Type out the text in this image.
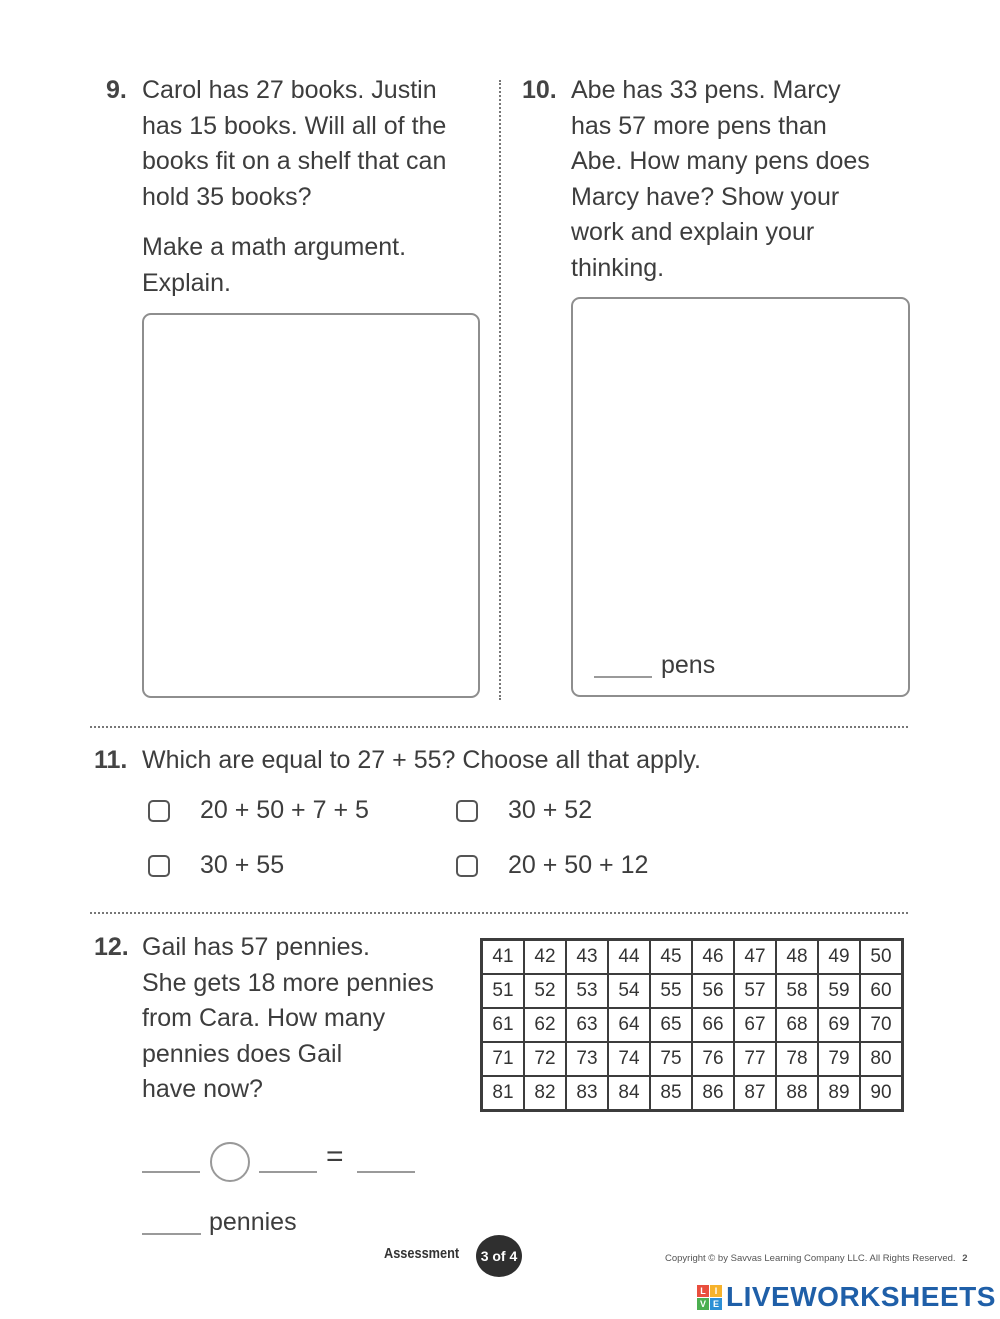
9. Carol has 27 books. Justin
has 15 books. Will all of the
books fit on a shelf that can
hold 35 books?
Make a math argument.
Explain.
10. Abe has 33 pens. Marcy
has 57 more pens than
Abe. How many pens does
Marcy have? Show your
work and explain your
thinking.
pens
11. Which are equal to 27 + 55? Choose all that apply.
20 + 50 + 7 + 5	30 + 52
30 + 55	20 + 50 + 12
12. Gail has 57 pennies.
She gets 18 more pennies
from Cara. How many
pennies does Gail
have now?
41	42	43	44	45	46	47	48	49	50
51	52	53	54	55	56	57	58	59	60
61	62	63	64	65	66	67	68	69	70
71	72	73	74	75	76	77	78	79	80
81	82	83	84	85	86	87	88	89	90
=
pennies
Assessment	3 of 4	Copyright © by Savvas Learning Company LLC. All Rights Reserved. 2
L I
V E LIVEWORKSHEETS
